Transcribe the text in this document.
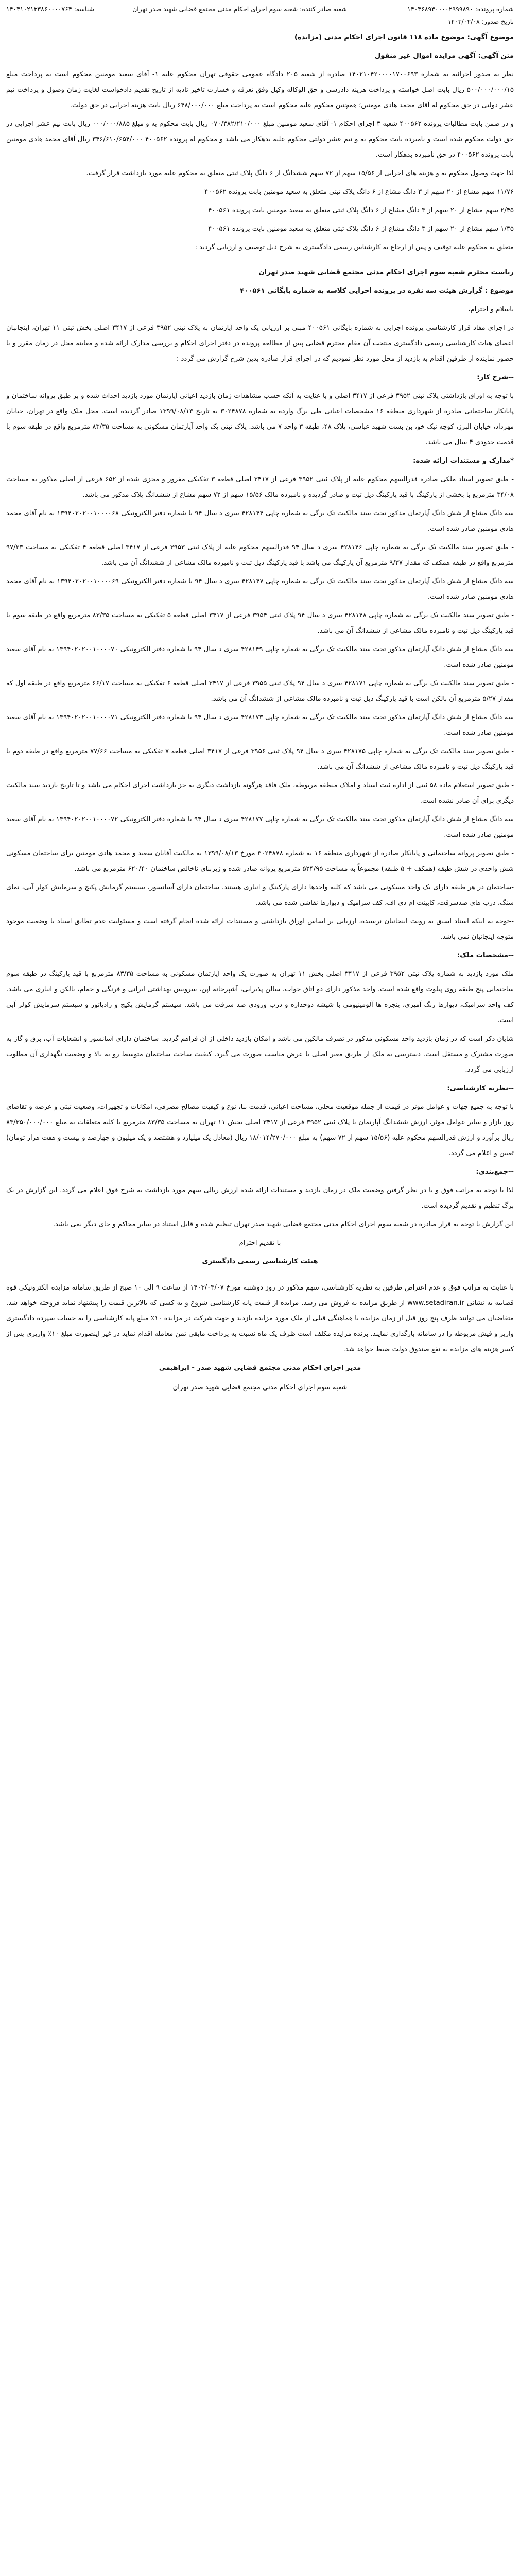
شماره پرونده: ۱۴۰۳۶۸۹۳۰۰۰۰۲۹۹۹۸۹۰
تاریخ صدور: ۱۴۰۳/۰۲/۰۸
شعبه صادر کننده: شعبه سوم اجرای احکام مدنی مجتمع قضایی شهید صدر تهران
شناسه: ۱۴۰۳۱۰۲۱۳۳۸۶۰۰۰۰۷۶۴

موضوع آگهی: موضوع ماده ۱۱۸ قانون اجرای احکام مدنی (مزایده)

متن آگهی: آگهی مزایده اموال غیر منقول

نظر به صدور اجرائیه به شماره ۱۴۰۲۱۰۴۲۰۰۰۰۱۷۰۰۶۹۳ صادره از شعبه ۲۰۵ دادگاه عمومی حقوقی تهران محکوم علیه ۱- آقای سعید مومنین محکوم است به پرداخت مبلغ ۵۰۰/۰۰۰/۰۰۰/۱۵ ریال بابت اصل خواسته و پرداخت هزینه دادرسی و حق الوکاله وکیل وفق تعرفه و خسارت تاخیر تادیه از تاریخ تقدیم دادخواست لغایت زمان وصول و پرداخت نیم عشر دولتی در حق محکوم له آقای محمد هادی مومنین؛ همچنین محکوم علیه محکوم است به پرداخت مبلغ ۶۴۸/۰۰۰/۰۰۰ ریال بابت هزینه اجرایی در حق دولت.

و در ضمن بابت مطالبات پرونده ۴۰۰۵۶۲ شعبه ۳ اجرای احکام ۱- آقای سعید مومنین مبلغ ۰۷۰/۳۸۲/۲۱۰/۰۰۰ ریال بابت محکوم به و مبلغ ۰۰۰/۰۰۰/۸۸۵ ریال بابت نیم عشر اجرایی در حق دولت محکوم شده است و نامبرده بابت محکوم به و نیم عشر دولتی محکوم علیه بدهکار می باشد و محکوم له پرونده ۴۰۰۵۶۲ ۳۴۶/۶۱۰/۶۵۴/۰۰۰ ریال آقای محمد هادی مومنین بابت پرونده ۴۰۰۵۶۲ در حق نامبرده بدهکار است.

لذا جهت وصول محکوم به و هزینه های اجرایی از ۱۵/۵۶ سهم از ۷۲ سهم ششدانگ از ۶ دانگ پلاک ثبتی متعلق به محکوم علیه مورد بازداشت قرار گرفت.

۱۱/۷۶ سهم مشاع از ۲۰ سهم از ۳ دانگ مشاع از ۶ دانگ پلاک ثبتی متعلق به سعید مومنین بابت پرونده ۴۰۰۵۶۲

۲/۴۵ سهم مشاع از ۲۰ سهم از ۳ دانگ مشاع از ۶ دانگ پلاک ثبتی متعلق به سعید مومنین بابت پرونده ۴۰۰۵۶۱

۱/۳۵ سهم مشاع از ۲۰ سهم از ۳ دانگ مشاع از ۶ دانگ پلاک ثبتی متعلق به سعید مومنین بابت پرونده ۴۰۰۵۶۱

متعلق به محکوم علیه توقیف و پس از ارجاع به کارشناس رسمی دادگستری به شرح ذیل توصیف و ارزیابی گردید :

ریاست محترم شعبه سوم اجرای احکام مدنی مجتمع قضایی شهید صدر تهران

موضوع : گزارش هیئت سه نفره در پرونده اجرایی کلاسه به شماره بایگانی ۴۰۰۵۶۱

باسلام و احترام،

در اجرای مفاد قرار کارشناسی پرونده اجرایی به شماره بایگانی ۴۰۰۵۶۱ مبنی بر ارزیابی یک واحد آپارتمان به پلاک ثبتی ۳۹۵۲ فرعی از ۳۴۱۷ اصلی بخش ثبتی ۱۱ تهران، اینجانبان اعضای هیات کارشناسی رسمی دادگستری منتخب آن مقام محترم قضایی پس از مطالعه پرونده در دفتر اجرای احکام و بررسی مدارک ارائه شده و معاینه محل در زمان مقرر و با حضور نماینده از طرفین اقدام به بازدید از محل مورد نظر نمودیم که در اجرای قرار صادره بدین شرح گزارش می گردد :

--شرح کار:

با توجه به اوراق بازداشتی پلاک ثبتی ۳۹۵۲ فرعی از ۳۴۱۷ اصلی و با عنایت به آنکه حسب مشاهدات زمان بازدید اعیانی آپارتمان مورد بازدید احداث شده و بر طبق پروانه ساختمان و پایانکار ساختمانی صادره از شهرداری منطقه ۱۶ مشخصات اعیانی طی برگ وارده به شماره ۳۰۲۴۸۷۸ به تاریخ ۱۳۹۹/۰۸/۱۳ صادر گردیده است. محل ملک واقع در تهران، خیابان مهرداد، خیابان البرز، کوچه نیک خو، بن بست شهید عباسی، پلاک ۴۸، طبقه ۳ واحد ۷ می باشد. پلاک ثبتی یک واحد آپارتمان مسکونی به مساحت ۸۳/۳۵ مترمربع واقع در طبقه سوم با قدمت حدودی ۴ سال می باشد.

*مدارک و مستندات ارائه شده:

- طبق تصویر اسناد ملکی صادره قدرالسهم محکوم علیه از پلاک ثبتی ۳۹۵۲ فرعی از ۳۴۱۷ اصلی قطعه ۳ تفکیکی مفروز و مجزی شده از ۶۵۲ فرعی از اصلی مذکور به مساحت ۳۴/۰۸ مترمربع با بخشی از پارکینگ با قید پارکینگ ذیل ثبت و صادر گردیده و نامبرده مالک ۱۵/۵۶ سهم از ۷۲ سهم مشاع از ششدانگ پلاک مذکور می باشد.

سه دانگ مشاع از شش دانگ آپارتمان مذکور تحت سند مالکیت تک برگی به شماره چاپی ۴۲۸۱۴۴ سری د سال ۹۴ با شماره دفتر الکترونیکی ۱۳۹۴۰۲۰۲۰۰۱۰۰۰۰۶۸ به نام آقای محمد هادی مومنین صادر شده است.

- طبق تصویر سند مالکیت تک برگی به شماره چاپی ۴۲۸۱۴۶ سری د سال ۹۴ قدرالسهم محکوم علیه از پلاک ثبتی ۳۹۵۳ فرعی از ۳۴۱۷ اصلی قطعه ۴ تفکیکی به مساحت ۹۷/۲۳ مترمربع واقع در طبقه همکف که مقدار ۹/۳۷ مترمربع آن پارکینگ می باشد با قید پارکینگ ذیل ثبت و نامبرده مالک مشاعی از ششدانگ آن می باشد.

سه دانگ مشاع از شش دانگ آپارتمان مذکور تحت سند مالکیت تک برگی به شماره چاپی ۴۲۸۱۴۷ سری د سال ۹۴ با شماره دفتر الکترونیکی ۱۳۹۴۰۲۰۲۰۰۱۰۰۰۰۶۹ به نام آقای محمد هادی مومنین صادر شده است.

- طبق تصویر سند مالکیت تک برگی به شماره چاپی ۴۲۸۱۴۸ سری د سال ۹۴ پلاک ثبتی ۳۹۵۴ فرعی از ۳۴۱۷ اصلی قطعه ۵ تفکیکی به مساحت ۸۳/۳۵ مترمربع واقع در طبقه سوم با قید پارکینگ ذیل ثبت و نامبرده مالک مشاعی از ششدانگ آن می باشد.

سه دانگ مشاع از شش دانگ آپارتمان مذکور تحت سند مالکیت تک برگی به شماره چاپی ۴۲۸۱۴۹ سری د سال ۹۴ با شماره دفتر الکترونیکی ۱۳۹۴۰۲۰۲۰۰۱۰۰۰۰۷۰ به نام آقای سعید مومنین صادر شده است.

- طبق تصویر سند مالکیت تک برگی به شماره چاپی ۴۲۸۱۷۱ سری د سال ۹۴ پلاک ثبتی ۳۹۵۵ فرعی از ۳۴۱۷ اصلی قطعه ۶ تفکیکی به مساحت ۶۶/۱۷ مترمربع واقع در طبقه اول که مقدار ۵/۲۷ مترمربع آن بالکن است با قید پارکینگ ذیل ثبت و نامبرده مالک مشاعی از ششدانگ آن می باشد.

سه دانگ مشاع از شش دانگ آپارتمان مذکور تحت سند مالکیت تک برگی به شماره چاپی ۴۲۸۱۷۳ سری د سال ۹۴ با شماره دفتر الکترونیکی ۱۳۹۴۰۲۰۲۰۰۱۰۰۰۰۷۱ به نام آقای سعید مومنین صادر شده است.

- طبق تصویر سند مالکیت تک برگی به شماره چاپی ۴۲۸۱۷۵ سری د سال ۹۴ پلاک ثبتی ۳۹۵۶ فرعی از ۳۴۱۷ اصلی قطعه ۷ تفکیکی به مساحت ۷۷/۶۶ مترمربع واقع در طبقه دوم با قید پارکینگ ذیل ثبت و نامبرده مالک مشاعی از ششدانگ آن می باشد.

- طبق تصویر استعلام ماده ۵۸ ثبتی از اداره ثبت اسناد و املاک منطقه مربوطه، ملک فاقد هرگونه بازداشت دیگری به جز بازداشت اجرای احکام می باشد و تا تاریخ بازدید سند مالکیت دیگری برای آن صادر نشده است.

سه دانگ مشاع از شش دانگ آپارتمان مذکور تحت سند مالکیت تک برگی به شماره چاپی ۴۲۸۱۷۷ سری د سال ۹۴ با شماره دفتر الکترونیکی ۱۳۹۴۰۲۰۲۰۰۱۰۰۰۰۷۲ به نام آقای سعید مومنین صادر شده است.

- طبق تصویر پروانه ساختمانی و پایانکار صادره از شهرداری منطقه ۱۶ به شماره ۳۰۲۴۸۷۸ مورخ ۱۳۹۹/۰۸/۱۳ به مالکیت آقایان سعید و محمد هادی مومنین برای ساختمان مسکونی شش واحدی در شش طبقه (همکف + ۵ طبقه) مجموعاً به مساحت ۵۲۴/۹۵ مترمربع پروانه صادر شده و زیربنای ناخالص ساختمان ۶۲۰/۴۰ مترمربع می باشد.

-ساختمان در هر طبقه دارای یک واحد مسکونی می باشد که کلیه واحدها دارای پارکینگ و انباری هستند. ساختمان دارای آسانسور، سیستم گرمایش پکیج و سرمایش کولر آبی، نمای سنگ، درب های ضدسرقت، کابینت ام دی اف، کف سرامیک و دیوارها نقاشی شده می باشد.

--توجه به اینکه اسناد اسبق به رویت اینجانبان نرسیده، ارزیابی بر اساس اوراق بازداشتی و مستندات ارائه شده انجام گرفته است و مسئولیت عدم تطابق اسناد با وضعیت موجود متوجه اینجانبان نمی باشد.

--مشخصات ملک:

ملک مورد بازدید به شماره پلاک ثبتی ۳۹۵۲ فرعی از ۳۴۱۷ اصلی بخش ۱۱ تهران به صورت یک واحد آپارتمان مسکونی به مساحت ۸۳/۳۵ مترمربع با قید پارکینگ در طبقه سوم ساختمانی پنج طبقه روی پیلوت واقع شده است. واحد مذکور دارای دو اتاق خواب، سالن پذیرایی، آشپزخانه اپن، سرویس بهداشتی ایرانی و فرنگی و حمام، بالکن و انباری می باشد. کف واحد سرامیک، دیوارها رنگ آمیزی، پنجره ها آلومینیومی با شیشه دوجداره و درب ورودی ضد سرقت می باشد. سیستم گرمایش پکیج و رادیاتور و سیستم سرمایش کولر آبی است.

شایان ذکر است که در زمان بازدید واحد مسکونی مذکور در تصرف مالکین می باشد و امکان بازدید داخلی از آن فراهم گردید. ساختمان دارای آسانسور و انشعابات آب، برق و گاز به صورت مشترک و مستقل است. دسترسی به ملک از طریق معبر اصلی با عرض مناسب صورت می گیرد. کیفیت ساخت ساختمان متوسط رو به بالا و وضعیت نگهداری آن مطلوب ارزیابی می گردد.

--نظریه کارشناسی:

با توجه به جمیع جهات و عوامل موثر در قیمت از جمله موقعیت محلی، مساحت اعیانی، قدمت بنا، نوع و کیفیت مصالح مصرفی، امکانات و تجهیزات، وضعیت ثبتی و عرضه و تقاضای روز بازار و سایر عوامل موثر، ارزش ششدانگ آپارتمان با پلاک ثبتی ۳۹۵۲ فرعی از ۳۴۱۷ اصلی بخش ۱۱ تهران به مساحت ۸۳/۳۵ مترمربع با کلیه متعلقات به مبلغ ۸۳/۳۵۰/۰۰۰/۰۰۰ ریال برآورد و ارزش قدرالسهم محکوم علیه (۱۵/۵۶ سهم از ۷۲ سهم) به مبلغ ۱۸/۰۱۴/۲۷۰/۰۰۰ ریال (معادل یک میلیارد و هشتصد و یک میلیون و چهارصد و بیست و هفت هزار تومان) تعیین و اعلام می گردد.

--جمع‌بندی:

لذا با توجه به مراتب فوق و با در نظر گرفتن وضعیت ملک در زمان بازدید و مستندات ارائه شده ارزش ریالی سهم مورد بازداشت به شرح فوق اعلام می گردد. این گزارش در یک برگ تنظیم و تقدیم گردیده است.

این گزارش با توجه به قرار صادره در شعبه سوم اجرای احکام مدنی مجتمع قضایی شهید صدر تهران تنظیم شده و قابل استناد در سایر محاکم و جای دیگر نمی باشد.

با تقدیم احترام

هیئت کارشناسی رسمی دادگستری

با عنایت به مراتب فوق و عدم اعتراض طرفین به نظریه کارشناسی، سهم مذکور در روز دوشنبه مورخ ۱۴۰۳/۰۳/۰۷ از ساعت ۹ الی ۱۰ صبح از طریق سامانه مزایده الکترونیکی قوه قضاییه به نشانی www.setadiran.ir از طریق مزایده به فروش می رسد. مزایده از قیمت پایه کارشناسی شروع و به کسی که بالاترین قیمت را پیشنهاد نماید فروخته خواهد شد. متقاضیان می توانند ظرف پنج روز قبل از زمان مزایده با هماهنگی قبلی از ملک مورد مزایده بازدید و جهت شرکت در مزایده ۱۰٪ مبلغ پایه کارشناسی را به حساب سپرده دادگستری واریز و فیش مربوطه را در سامانه بارگذاری نمایند. برنده مزایده مکلف است ظرف یک ماه نسبت به پرداخت مابقی ثمن معامله اقدام نماید در غیر اینصورت مبلغ ۱۰٪ واریزی پس از کسر هزینه های مزایده به نفع صندوق دولت ضبط خواهد شد.

مدیر اجرای احکام مدنی مجتمع قضایی شهید صدر - ابراهیمی

شعبه سوم اجرای احکام مدنی مجتمع قضایی شهید صدر تهران
